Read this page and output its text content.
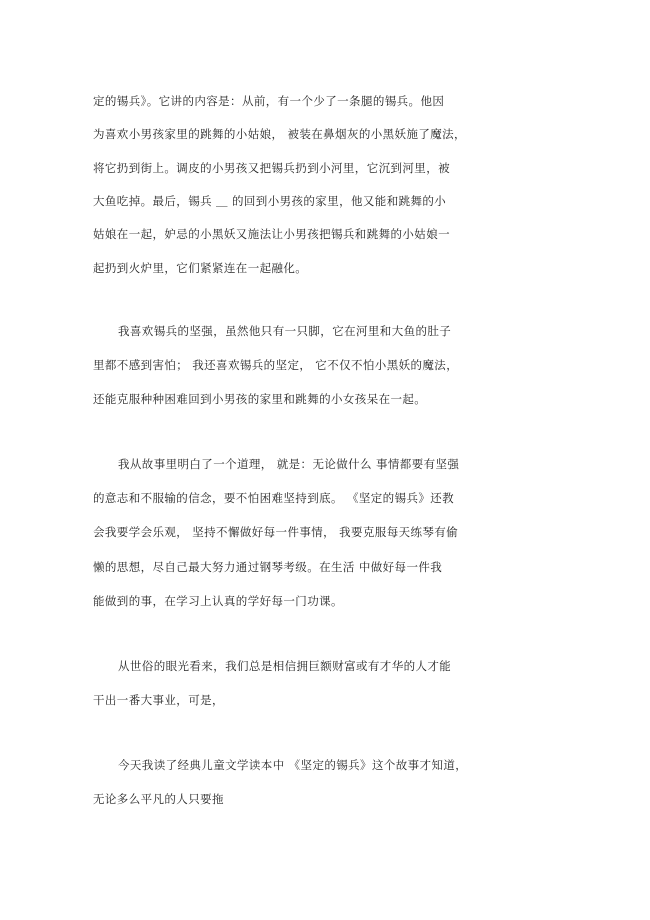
定的锡兵》。它讲的内容是：从前，有一个少了一条腿的锡兵。他因
为喜欢小男孩家里的跳舞的小姑娘， 被装在鼻烟灰的小黑妖施了魔法，
将它扔到街上。调皮的小男孩又把锡兵扔到小河里，它沉到河里，被
大鱼吃掉。最后，锡兵 ＿ 的回到小男孩的家里，他又能和跳舞的小
姑娘在一起，妒忌的小黑妖又施法让小男孩把锡兵和跳舞的小姑娘一
起扔到火炉里，它们紧紧连在一起融化。
我喜欢锡兵的坚强，虽然他只有一只脚，它在河里和大鱼的肚子
里都不感到害怕； 我还喜欢锡兵的坚定， 它不仅不怕小黑妖的魔法，
还能克服种种困难回到小男孩的家里和跳舞的小女孩呆在一起。
我从故事里明白了一个道理， 就是：无论做什么 事情都要有坚强
的意志和不服输的信念，要不怕困难坚持到底。 《坚定的锡兵》还教
会我要学会乐观， 坚持不懈做好每一件事情， 我要克服每天练琴有偷
懒的思想，尽自己最大努力通过钢琴考级。在生活 中做好每一件我
能做到的事，在学习上认真的学好每一门功课。
从世俗的眼光看来，我们总是相信拥巨额财富或有才华的人才能
干出一番大事业，可是，
今天我读了经典儿童文学读本中 《坚定的锡兵》这个故事才知道，
无论多么平凡的人只要拖
